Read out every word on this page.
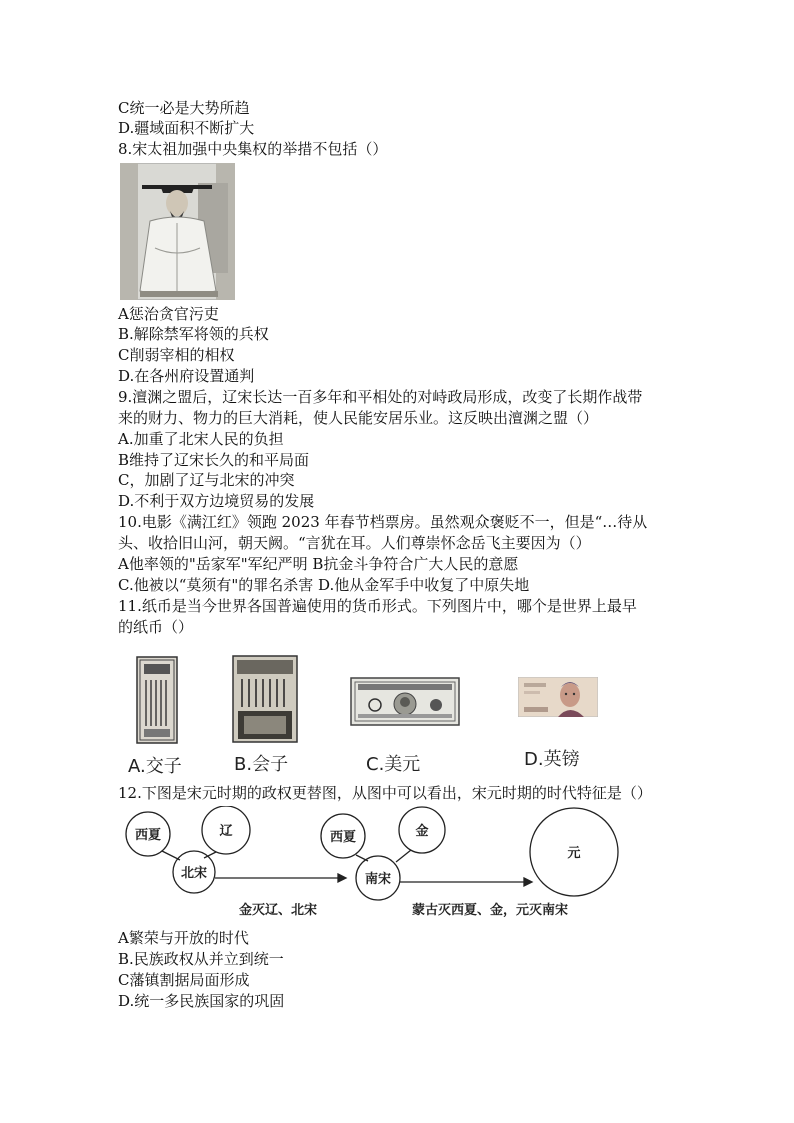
C统一必是大势所趋
D.疆域面积不断扩大
8.宋太祖加强中央集权的举措不包括（）
A惩治贪官污吏
B.解除禁军将领的兵权
C削弱宰相的相权
D.在各州府设置通判
9.澶渊之盟后，辽宋长达一百多年和平相处的对峙政局形成，改变了长期作战带
来的财力、物力的巨大消耗，使人民能安居乐业。这反映出澶渊之盟（）
A.加重了北宋人民的负担
B维持了辽宋长久的和平局面
C，加剧了辽与北宋的冲突
D.不利于双方边境贸易的发展
10.电影《满江红》领跑 2023 年春节档票房。虽然观众褒贬不一，但是“…待从
头、收拾旧山河，朝天阙。“言犹在耳。人们尊崇怀念岳飞主要因为（）
A他率领的"岳家军"军纪严明 B抗金斗争符合广大人民的意愿
C.他被以“莫须有"的罪名杀害 D.他从金军手中收复了中原失地
11.纸币是当今世界各国普遍使用的货币形式。下列图片中，哪个是世界上最早
的纸币（）
A.交子	B.会子	C.美元	D.英镑
12.下图是宋元时期的政权更替图，从图中可以看出，宋元时期的时代特征是（）
西夏	辽
北宋
金灭辽、北宋
西夏	金
南宋
蒙古灭西夏、金，元灭南宋
元
A繁荣与开放的时代
B.民族政权从并立到统一
C藩镇割据局面形成
D.统一多民族国家的巩固
